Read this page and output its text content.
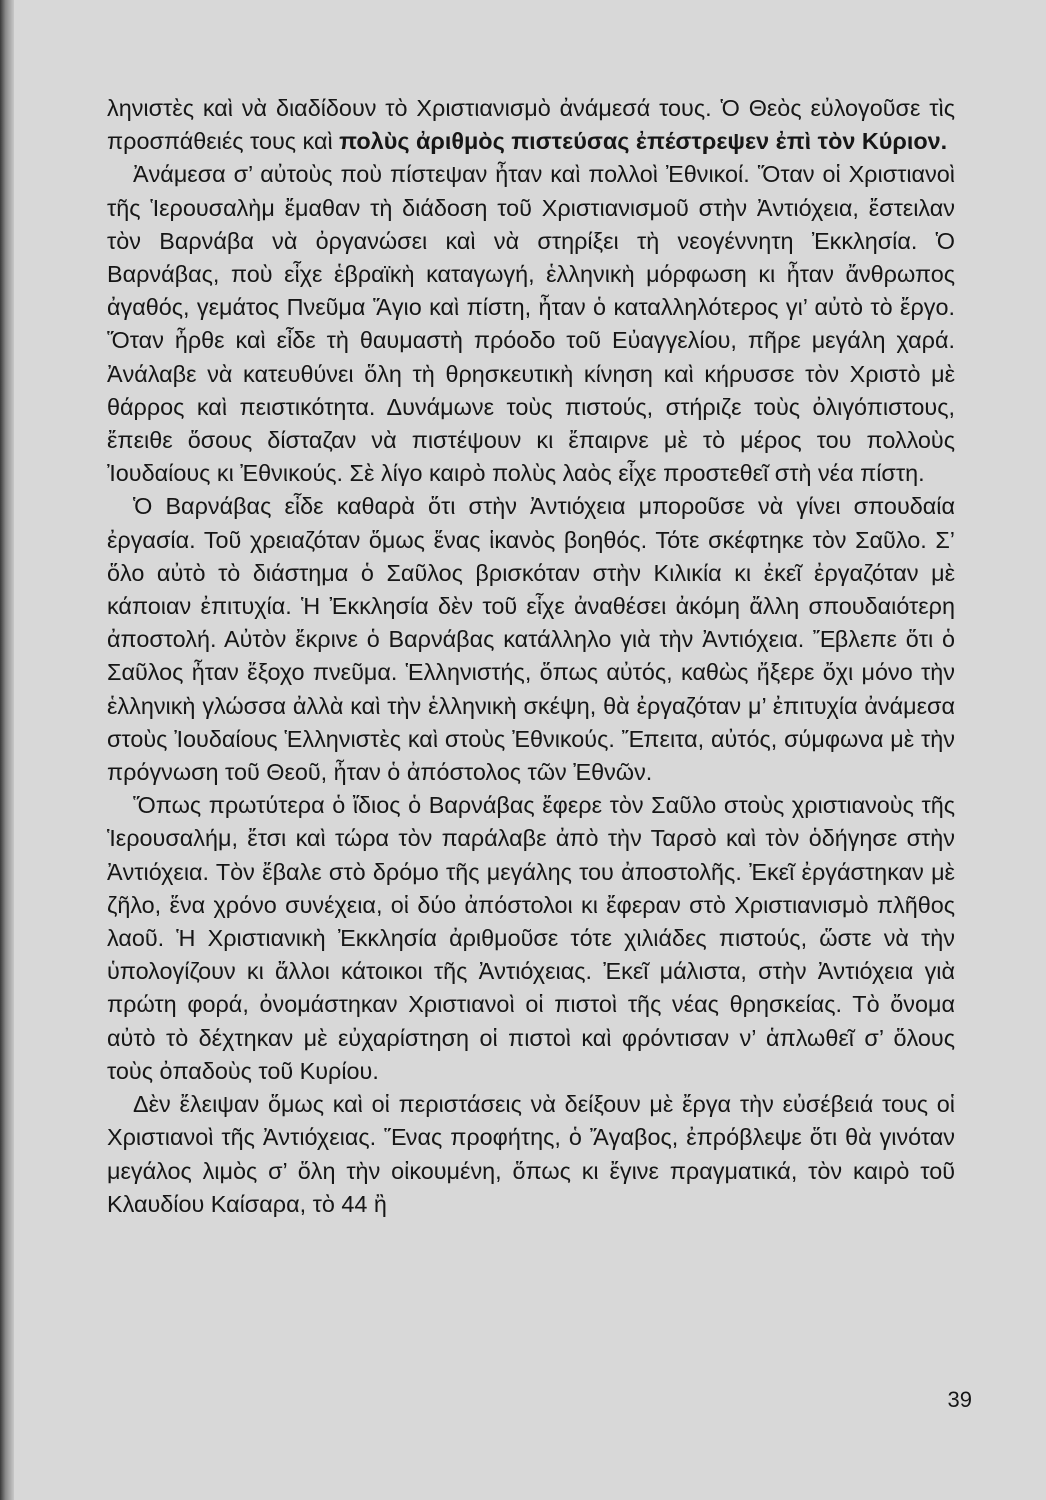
ληνιστὲς καὶ νὰ διαδίδουν τὸ Χριστιανισμὸ ἀνάμεσά τους. Ὁ Θεὸς εὐλογοῦσε τὶς προσπάθειές τους καὶ πολὺς ἀριθμὸς πιστεύσας ἐπέστρεψεν ἐπὶ τὸν Κύριον.

Ἀνάμεσα σ’ αὐτοὺς ποὺ πίστεψαν ἦταν καὶ πολλοὶ Ἐθνικοί. Ὅταν οἱ Χριστιανοὶ τῆς Ἱερουσαλὴμ ἔμαθαν τὴ διάδοση τοῦ Χριστιανισμοῦ στὴν Ἀντιόχεια, ἔστειλαν τὸν Βαρνάβα νὰ ὀργανώσει καὶ νὰ στηρίξει τὴ νεογέννητη Ἐκκλησία. Ὁ Βαρνάβας, ποὺ εἶχε ἑβραϊκὴ καταγωγή, ἑλληνικὴ μόρφωση κι ἦταν ἄνθρωπος ἀγαθός, γεμάτος Πνεῦμα Ἅγιο καὶ πίστη, ἦταν ὁ καταλληλότερος γι’ αὐτὸ τὸ ἔργο. Ὅταν ἦρθε καὶ εἶδε τὴ θαυμαστὴ πρόοδο τοῦ Εὐαγγελίου, πῆρε μεγάλη χαρά. Ἀνάλαβε νὰ κατευθύνει ὅλη τὴ θρησκευτικὴ κίνηση καὶ κήρυσσε τὸν Χριστὸ μὲ θάρρος καὶ πειστικότητα. Δυνάμωνε τοὺς πιστούς, στήριζε τοὺς ὀλιγόπιστους, ἔπειθε ὅσους δίσταζαν νὰ πιστέψουν κι ἔπαιρνε μὲ τὸ μέρος του πολλοὺς Ἰουδαίους κι Ἐθνικούς. Σὲ λίγο καιρὸ πολὺς λαὸς εἶχε προστεθεῖ στὴ νέα πίστη.

Ὁ Βαρνάβας εἶδε καθαρὰ ὅτι στὴν Ἀντιόχεια μποροῦσε νὰ γίνει σπουδαία ἐργασία. Τοῦ χρειαζόταν ὅμως ἕνας ἱκανὸς βοηθός. Τότε σκέφτηκε τὸν Σαῦλο. Σ’ ὅλο αὐτὸ τὸ διάστημα ὁ Σαῦλος βρισκόταν στὴν Κιλικία κι ἐκεῖ ἐργαζόταν μὲ κάποιαν ἐπιτυχία. Ἡ Ἐκκλησία δὲν τοῦ εἶχε ἀναθέσει ἀκόμη ἄλλη σπουδαιότερη ἀποστολή. Αὐτὸν ἔκρινε ὁ Βαρνάβας κατάλληλο γιὰ τὴν Ἀντιόχεια. Ἔβλεπε ὅτι ὁ Σαῦλος ἦταν ἔξοχο πνεῦμα. Ἑλληνιστής, ὅπως αὐτός, καθὼς ἤξερε ὄχι μόνο τὴν ἑλληνικὴ γλώσσα ἀλλὰ καὶ τὴν ἑλληνικὴ σκέψη, θὰ ἐργαζόταν μ’ ἐπιτυχία ἀνάμεσα στοὺς Ἰουδαίους Ἑλληνιστὲς καὶ στοὺς Ἐθνικούς. Ἔπειτα, αὐτός, σύμφωνα μὲ τὴν πρόγνωση τοῦ Θεοῦ, ἦταν ὁ ἀπόστολος τῶν Ἐθνῶν.

Ὅπως πρωτύτερα ὁ ἴδιος ὁ Βαρνάβας ἔφερε τὸν Σαῦλο στοὺς χριστιανοὺς τῆς Ἱερουσαλήμ, ἔτσι καὶ τώρα τὸν παράλαβε ἀπὸ τὴν Ταρσὸ καὶ τὸν ὁδήγησε στὴν Ἀντιόχεια. Τὸν ἔβαλε στὸ δρόμο τῆς μεγάλης του ἀποστολῆς. Ἐκεῖ ἐργάστηκαν μὲ ζῆλο, ἕνα χρόνο συνέχεια, οἱ δύο ἀπόστολοι κι ἔφεραν στὸ Χριστιανισμὸ πλῆθος λαοῦ. Ἡ Χριστιανικὴ Ἐκκλησία ἀριθμοῦσε τότε χιλιάδες πιστούς, ὥστε νὰ τὴν ὑπολογίζουν κι ἄλλοι κάτοικοι τῆς Ἀντιόχειας. Ἐκεῖ μάλιστα, στὴν Ἀντιόχεια γιὰ πρώτη φορά, ὀνομάστηκαν Χριστιανοὶ οἱ πιστοὶ τῆς νέας θρησκείας. Τὸ ὄνομα αὐτὸ τὸ δέχτηκαν μὲ εὐχαρίστηση οἱ πιστοὶ καὶ φρόντισαν ν’ ἁπλωθεῖ σ’ ὅλους τοὺς ὀπαδοὺς τοῦ Κυρίου.

Δὲν ἔλειψαν ὅμως καὶ οἱ περιστάσεις νὰ δείξουν μὲ ἔργα τὴν εὐσέβειά τους οἱ Χριστιανοὶ τῆς Ἀντιόχειας. Ἕνας προφήτης, ὁ Ἄγαβος, ἐπρόβλεψε ὅτι θὰ γινόταν μεγάλος λιμὸς σ’ ὅλη τὴν οἰκουμένη, ὅπως κι ἔγινε πραγματικά, τὸν καιρὸ τοῦ Κλαυδίου Καίσαρα, τὸ 44 ἢ

39
